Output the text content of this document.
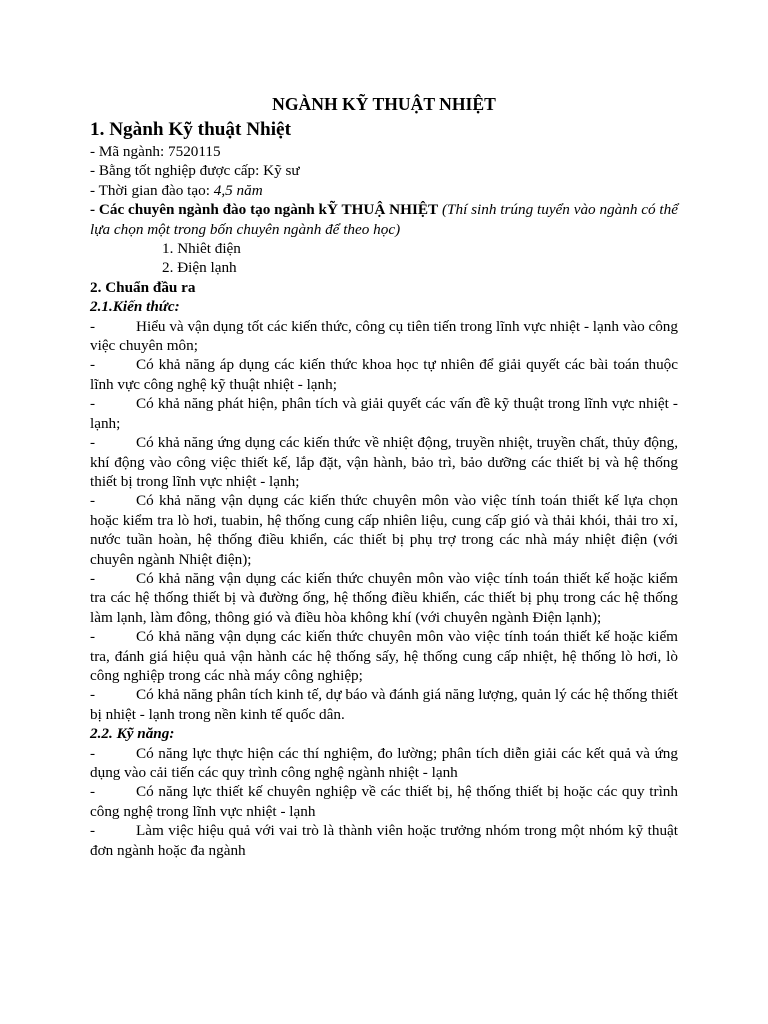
NGÀNH KỸ THUẬT NHIỆT
1. Ngành Kỹ thuật Nhiệt

- Mã ngành: 7520115

- Bằng tốt nghiệp được cấp: Kỹ sư

- Thời gian đào tạo: 4,5 năm

- Các chuyên ngành đào tạo ngành kỸ THUẬ NHIỆT (Thí sinh trúng tuyển vào ngành có thể lựa chọn một trong bốn chuyên ngành để theo học)

1. Nhiêt điện

2. Điện lạnh

2. Chuẩn đầu ra

2.1.Kiến thức:

-	Hiểu và vận dụng tốt các kiến thức, công cụ tiên tiến trong lĩnh vực nhiệt - lạnh vào công việc chuyên môn;

-	Có khả năng áp dụng các kiến thức khoa học tự nhiên để giải quyết các bài toán thuộc lĩnh vực công nghệ kỹ thuật nhiệt - lạnh;

-	Có khả năng phát hiện, phân tích và giải quyết các vấn đề kỹ thuật trong lĩnh vực nhiệt - lạnh;

-	Có khả năng ứng dụng các kiến thức về nhiệt động, truyền nhiệt, truyền chất, thủy động, khí động vào công việc thiết kế, lắp đặt, vận hành, bảo trì, bảo dưỡng các thiết bị và hệ thống thiết bị trong lĩnh vực nhiệt - lạnh;

-	Có khả năng vận dụng các kiến thức chuyên môn vào việc tính toán thiết kế lựa chọn hoặc kiểm tra lò hơi, tuabin, hệ thống cung cấp nhiên liệu, cung cấp gió và thải khói, thải tro xỉ, nước tuần hoàn, hệ thống điều khiển, các thiết bị phụ trợ trong các nhà máy nhiệt điện (với chuyên ngành Nhiệt điện);

-	Có khả năng vận dụng các kiến thức chuyên môn vào việc tính toán thiết kế hoặc kiểm tra các hệ thống thiết bị và đường ống, hệ thống điều khiển, các thiết bị phụ trong các hệ thống làm lạnh, làm đông, thông gió và điều hòa không khí (với chuyên ngành Điện lạnh);

-	Có khả năng vận dụng các kiến thức chuyên môn vào việc tính toán thiết kế hoặc kiểm tra, đánh giá hiệu quả vận hành các hệ thống sấy, hệ thống cung cấp nhiệt, hệ thống lò hơi, lò công nghiệp trong các nhà máy công nghiệp;

-	Có khả năng phân tích kinh tế, dự báo và đánh giá năng lượng, quản lý các hệ thống thiết bị nhiệt - lạnh trong nền kinh tế quốc dân.

2.2. Kỹ năng:

-	Có năng lực thực hiện các thí nghiệm, đo lường; phân tích diễn giải các kết quả và ứng dụng vào cải tiến các quy trình công nghệ ngành nhiệt - lạnh

-	Có năng lực thiết kế chuyên nghiệp về các thiết bị, hệ thống thiết bị hoặc các quy trình công nghệ trong lĩnh vực nhiệt - lạnh

-	Làm việc hiệu quả với vai trò là thành viên hoặc trưởng nhóm trong một nhóm kỹ thuật đơn ngành hoặc đa ngành
